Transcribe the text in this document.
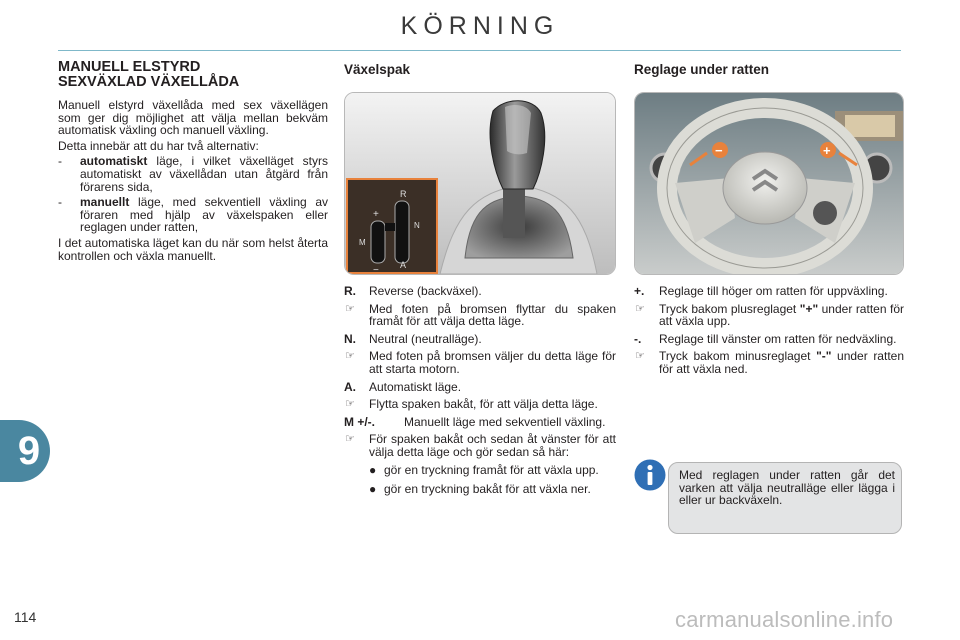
KÖRNING
MANUELL ELSTYRD
SEXVÄXLAD VÄXELLÅDA

Manuell elstyrd växellåda med sex växellägen som ger dig möjlighet att välja mellan bekväm automatisk växling och manuell växling.

Detta innebär att du har två alternativ:

- automatiskt läge, i vilket växelläget styrs automatiskt av växellådan utan åtgärd från förarens sida,
- manuellt läge, med sekventiell växling av föraren med hjälp av växelspaken eller reglagen under ratten,

I det automatiska läget kan du när som helst återta kontrollen och växla manuellt.

Växelspak
R
N
A
+
−
M
Reglage under ratten
−	+
R. Reverse (backväxel).
☞ Med foten på bromsen flyttar du spaken framåt för att välja detta läge.
N. Neutral (neutralläge).
☞ Med foten på bromsen väljer du detta läge för att starta motorn.
A. Automatiskt läge.
☞ Flytta spaken bakåt, för att välja detta läge.
M +/-. Manuellt läge med sekventiell växling.
☞ För spaken bakåt och sedan åt vänster för att välja detta läge och gör sedan så här:
● gör en tryckning framåt för att växla upp.
● gör en tryckning bakåt för att växla ner.
+. Reglage till höger om ratten för uppväxling.
☞ Tryck bakom plusreglaget "+" under ratten för att växla upp.
-. Reglage till vänster om ratten för nedväxling.
☞ Tryck bakom minusreglaget "-" under ratten för att växla ned.
Med reglagen under ratten går det varken att välja neutralläge eller lägga i eller ur backväxeln.
9
114	carmanualsonline.info
